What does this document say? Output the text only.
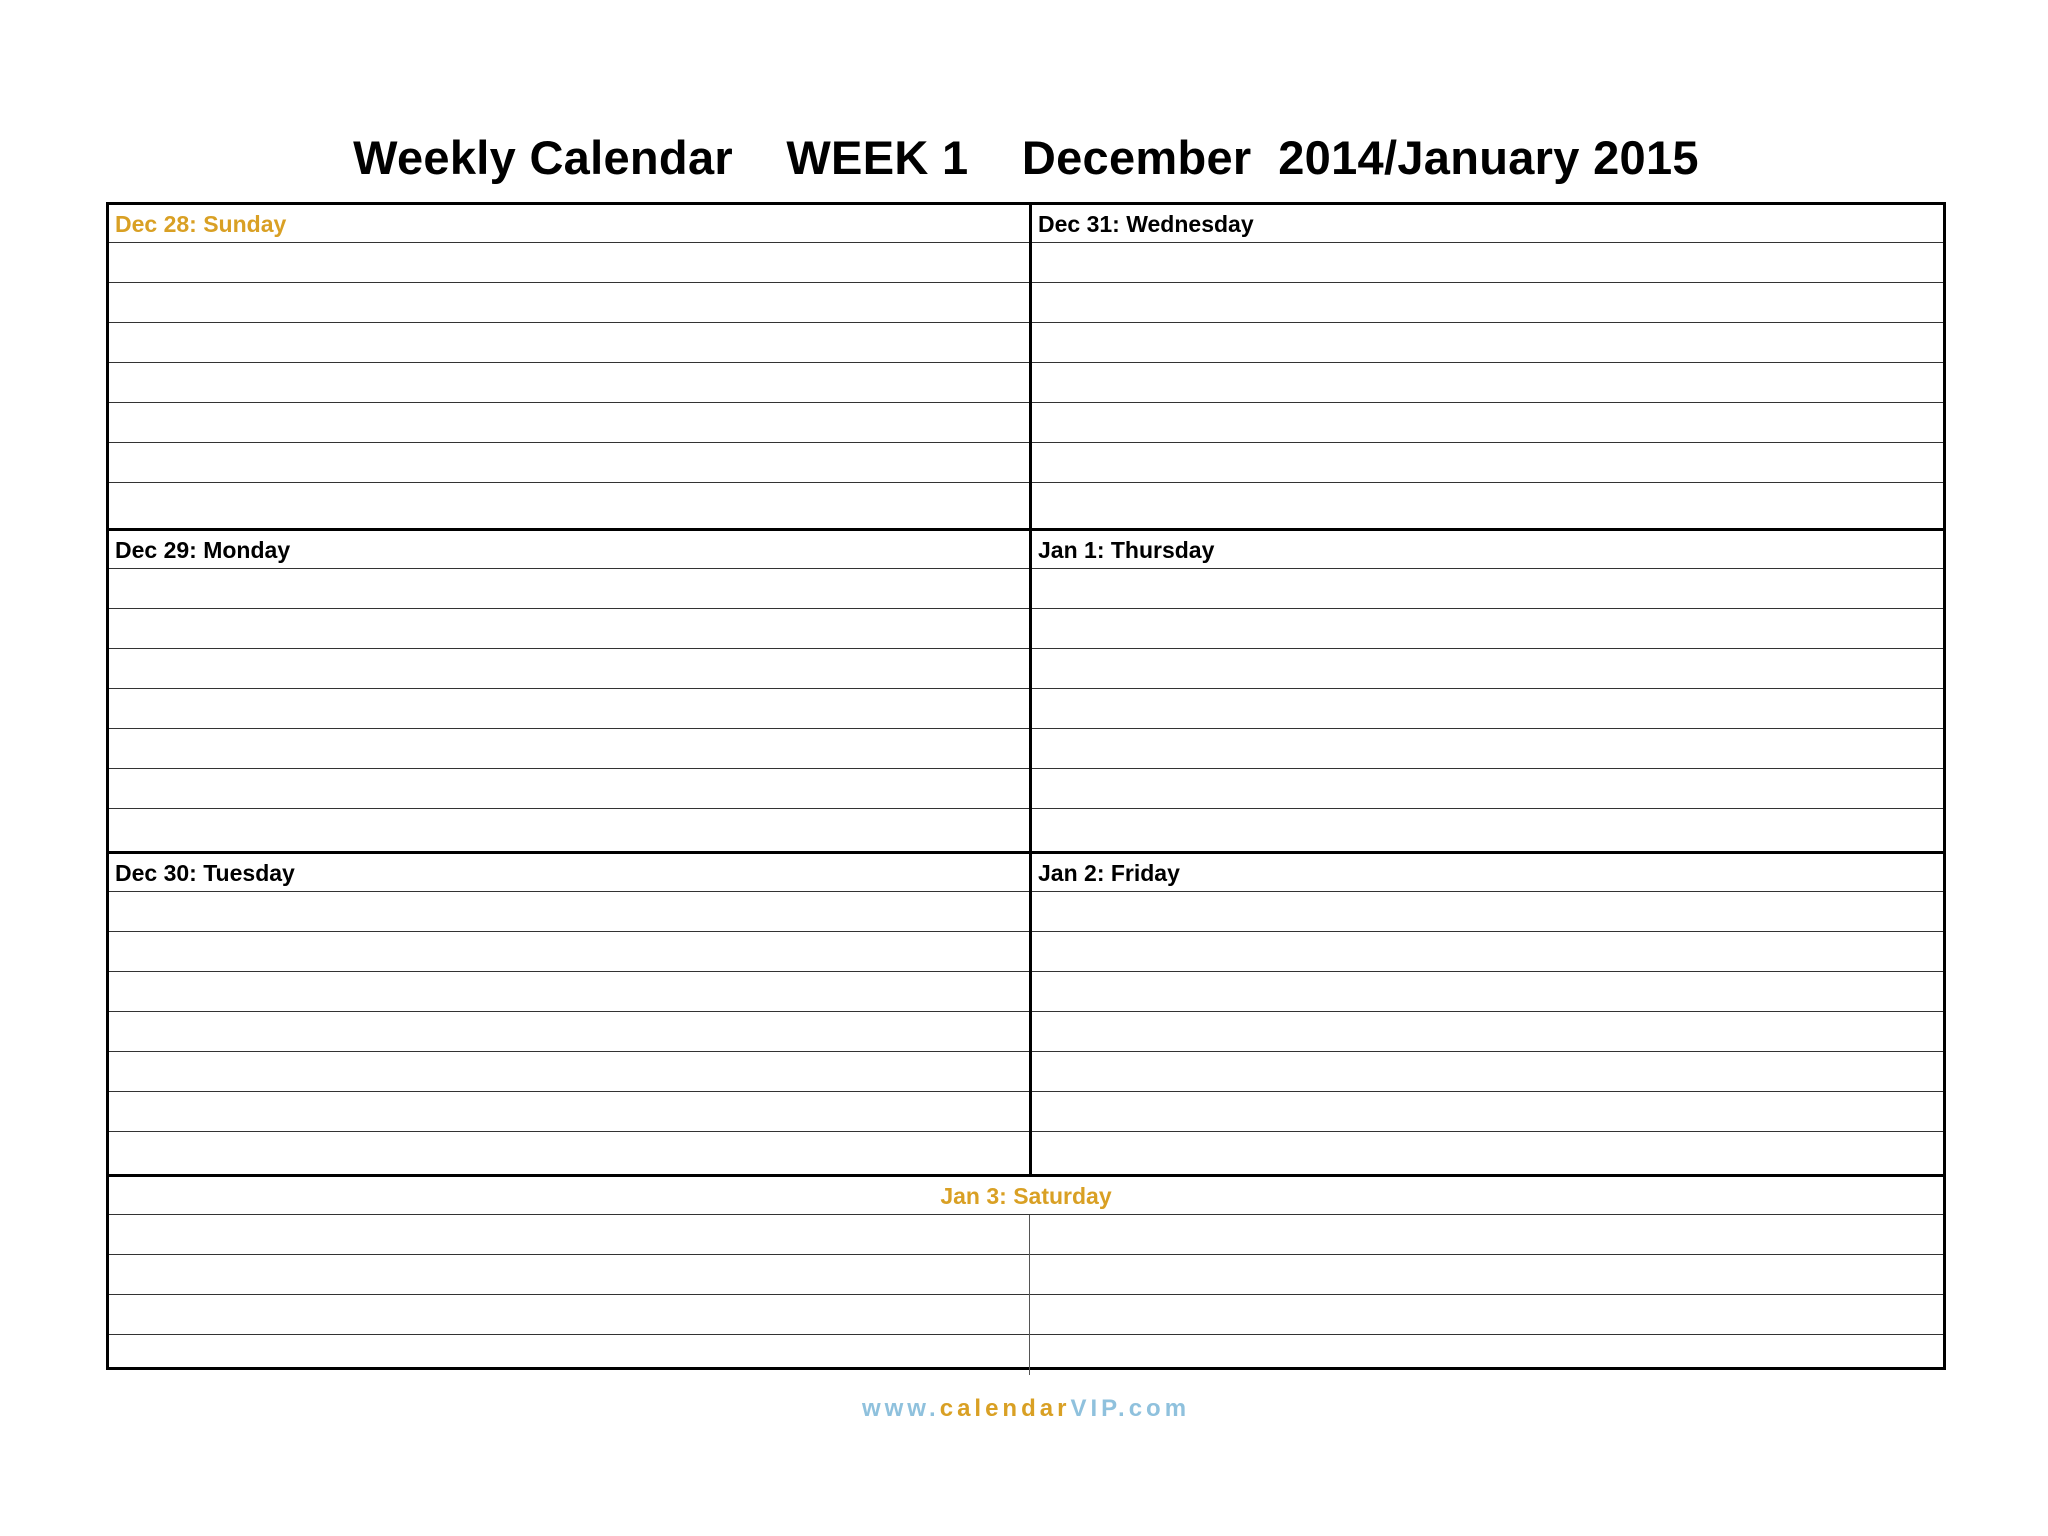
Weekly Calendar    WEEK 1    December  2014/January 2015
Dec 28: Sunday	Dec 31: Wednesday
Dec 29: Monday	Jan 1: Thursday
Dec 30: Tuesday	Jan 2: Friday
Jan 3: Saturday
www.calendarVIP.com
